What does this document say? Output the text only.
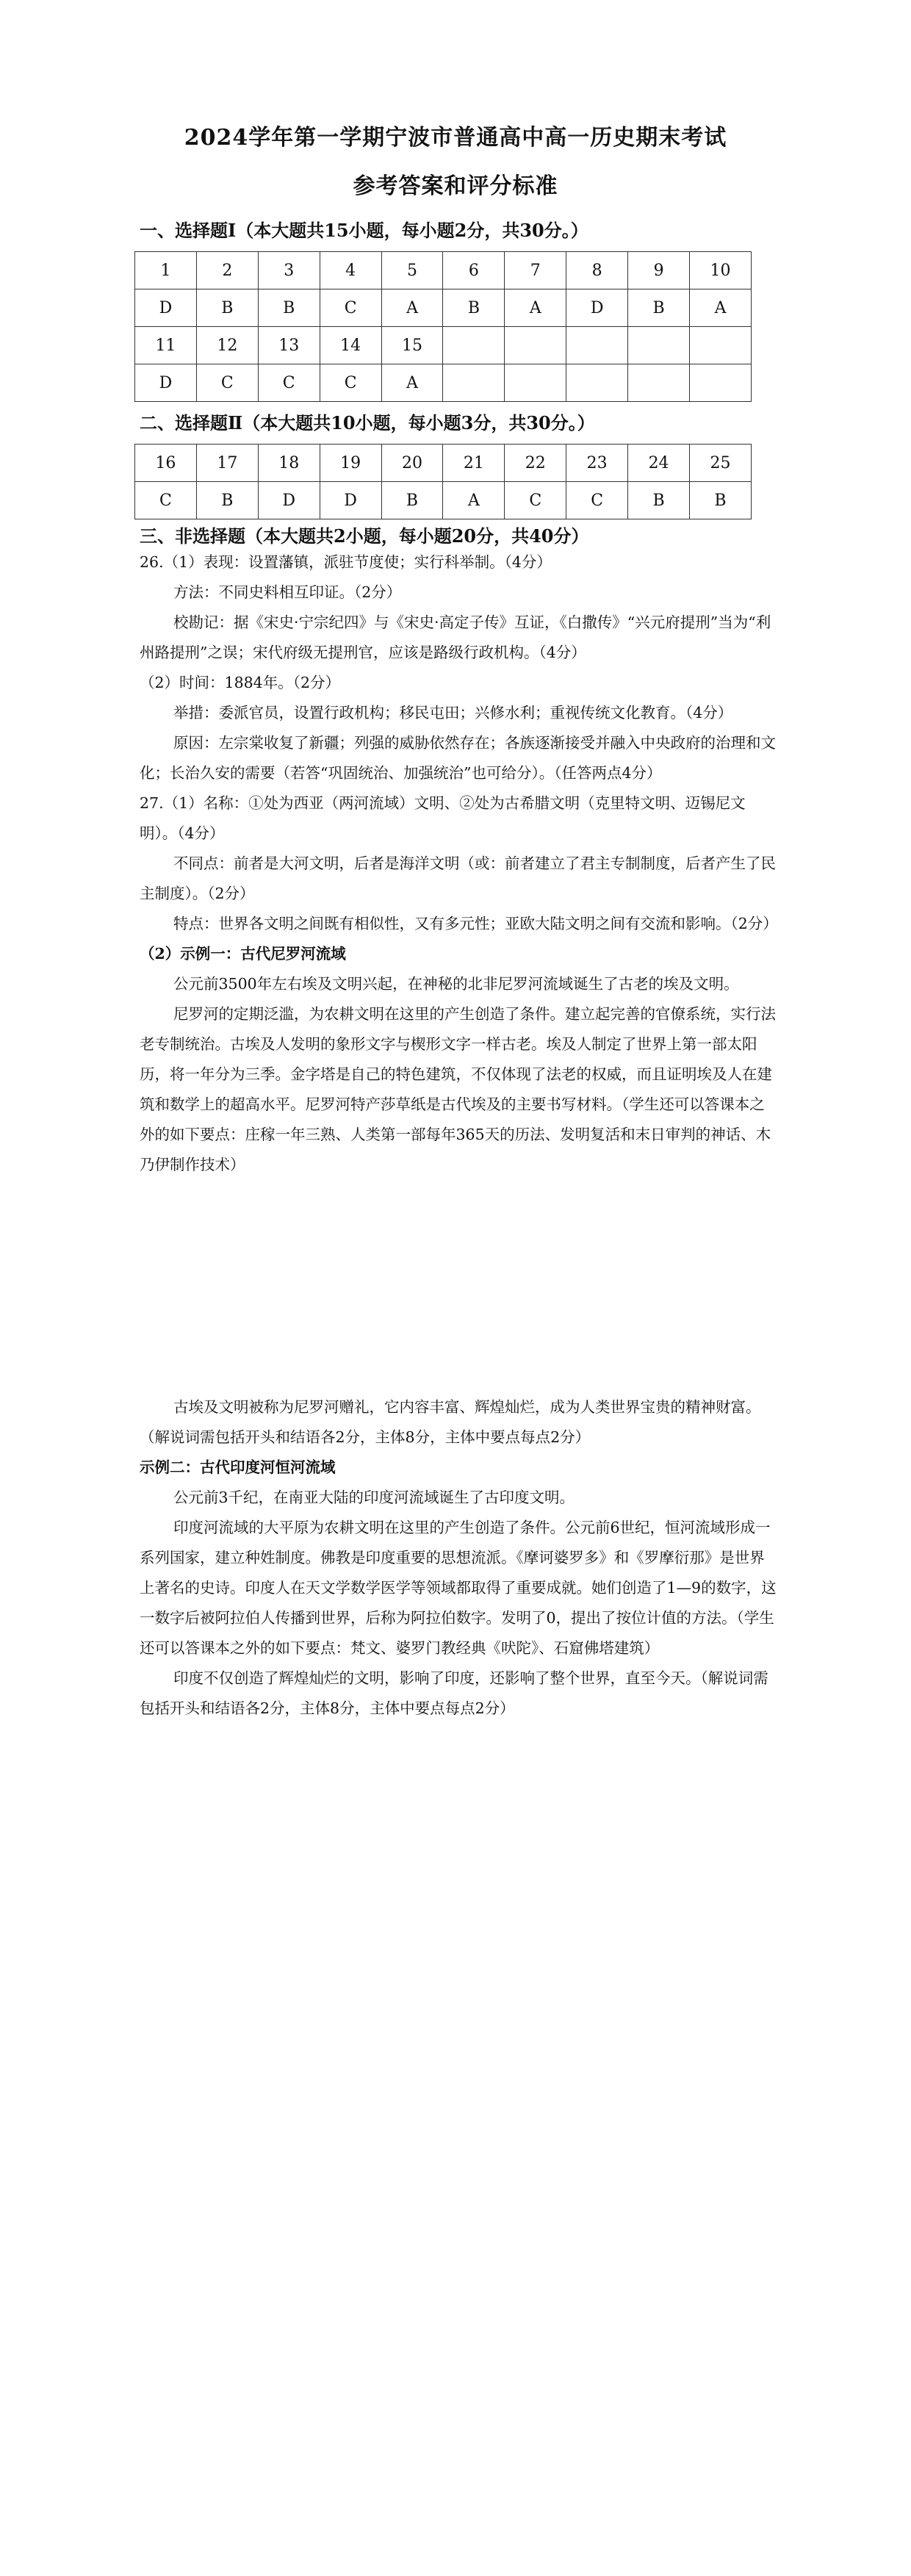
2024学年第一学期宁波市普通高中高一历史期末考试
参考答案和评分标准
一、选择题Ⅰ（本大题共15小题，每小题2分，共30分。）
1	2	3	4	5	6	7	8	9	10
D	B	B	C	A	B	A	D	B	A
11	12	13	14	15					
D	C	C	C	A					
二、选择题Ⅱ（本大题共10小题，每小题3分，共30分。）
16	17	18	19	20	21	22	23	24	25
C	B	D	D	B	A	C	C	B	B
三、非选择题（本大题共2小题，每小题20分，共40分）

26.（1）表现：设置藩镇，派驻节度使；实行科举制。（4分）

方法：不同史料相互印证。（2分）

校勘记：据《宋史·宁宗纪四》与《宋史·高定子传》互证，《白撒传》“兴元府提刑”当为“利州路提刑”之误；宋代府级无提刑官，应该是路级行政机构。（4分）

（2）时间：1884年。（2分）

举措：委派官员，设置行政机构；移民屯田；兴修水利；重视传统文化教育。（4分）

原因：左宗棠收复了新疆；列强的威胁依然存在；各族逐渐接受并融入中央政府的治理和文化；长治久安的需要（若答“巩固统治、加强统治”也可给分）。（任答两点4分）

27.（1）名称：①处为西亚（两河流域）文明、②处为古希腊文明（克里特文明、迈锡尼文明）。（4分）

不同点：前者是大河文明，后者是海洋文明（或：前者建立了君主专制制度，后者产生了民主制度）。（2分）

特点：世界各文明之间既有相似性，又有多元性；亚欧大陆文明之间有交流和影响。（2分）

（2）示例一：古代尼罗河流域

公元前3500年左右埃及文明兴起，在神秘的北非尼罗河流域诞生了古老的埃及文明。

尼罗河的定期泛滥，为农耕文明在这里的产生创造了条件。建立起完善的官僚系统，实行法老专制统治。古埃及人发明的象形文字与楔形文字一样古老。埃及人制定了世界上第一部太阳历，将一年分为三季。金字塔是自己的特色建筑，不仅体现了法老的权威，而且证明埃及人在建筑和数学上的超高水平。尼罗河特产莎草纸是古代埃及的主要书写材料。（学生还可以答课本之外的如下要点：庄稼一年三熟、人类第一部每年365天的历法、发明复活和末日审判的神话、木乃伊制作技术）

古埃及文明被称为尼罗河赠礼，它内容丰富、辉煌灿烂，成为人类世界宝贵的精神财富。（解说词需包括开头和结语各2分，主体8分，主体中要点每点2分）

示例二：古代印度河恒河流域

公元前3千纪，在南亚大陆的印度河流域诞生了古印度文明。

印度河流域的大平原为农耕文明在这里的产生创造了条件。公元前6世纪，恒河流域形成一系列国家，建立种姓制度。佛教是印度重要的思想流派。《摩诃婆罗多》和《罗摩衍那》是世界上著名的史诗。印度人在天文学数学医学等领域都取得了重要成就。她们创造了1—9的数字，这一数字后被阿拉伯人传播到世界，后称为阿拉伯数字。发明了0，提出了按位计值的方法。（学生还可以答课本之外的如下要点：梵文、婆罗门教经典《吠陀》、石窟佛塔建筑）

印度不仅创造了辉煌灿烂的文明，影响了印度，还影响了整个世界，直至今天。（解说词需包括开头和结语各2分，主体8分，主体中要点每点2分）
